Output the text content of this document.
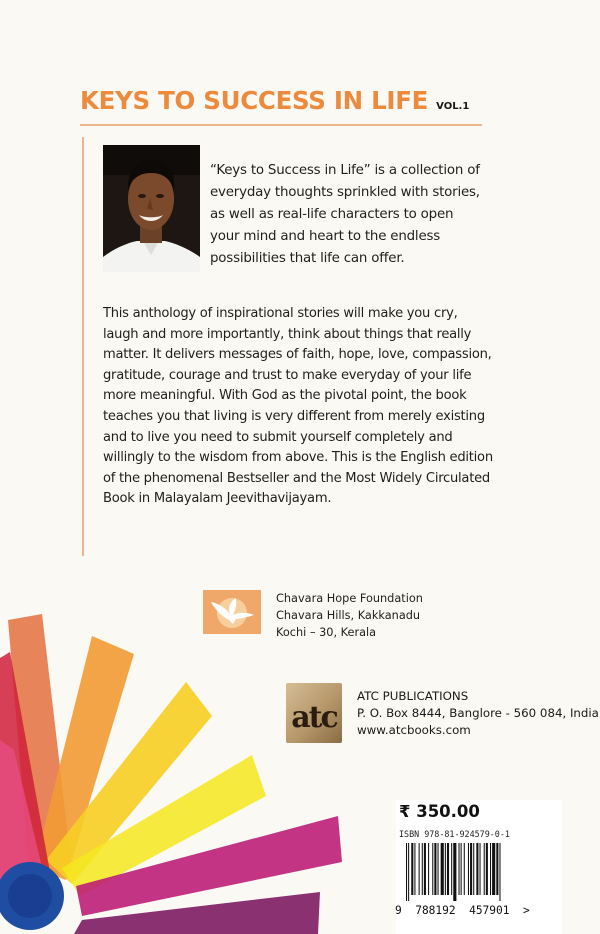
KEYS TO SUCCESS IN LIFE VOL.1

“Keys to Success in Life” is a collection of everyday thoughts sprinkled with stories, as well as real-life characters to open your mind and heart to the endless possibilities that life can offer.

This anthology of inspirational stories will make you cry, laugh and more importantly, think about things that really matter. It delivers messages of faith, hope, love, compassion, gratitude, courage and trust to make everyday of your life more meaningful. With God as the pivotal point, the book teaches you that living is very different from merely existing and to live you need to submit yourself completely and willingly to the wisdom from above. This is the English edition of the phenomenal Bestseller and the Most Widely Circulated Book in Malayalam Jeevithavijayam.

Chavara Hope Foundation
Chavara Hills, Kakkanadu
Kochi – 30, Kerala
atc
ATC PUBLICATIONS
P. O. Box 8444, Banglore - 560 084, India
www.atcbooks.com
₹ 350.00
ISBN 978-81-924579-0-1
9  788192  457901  >
